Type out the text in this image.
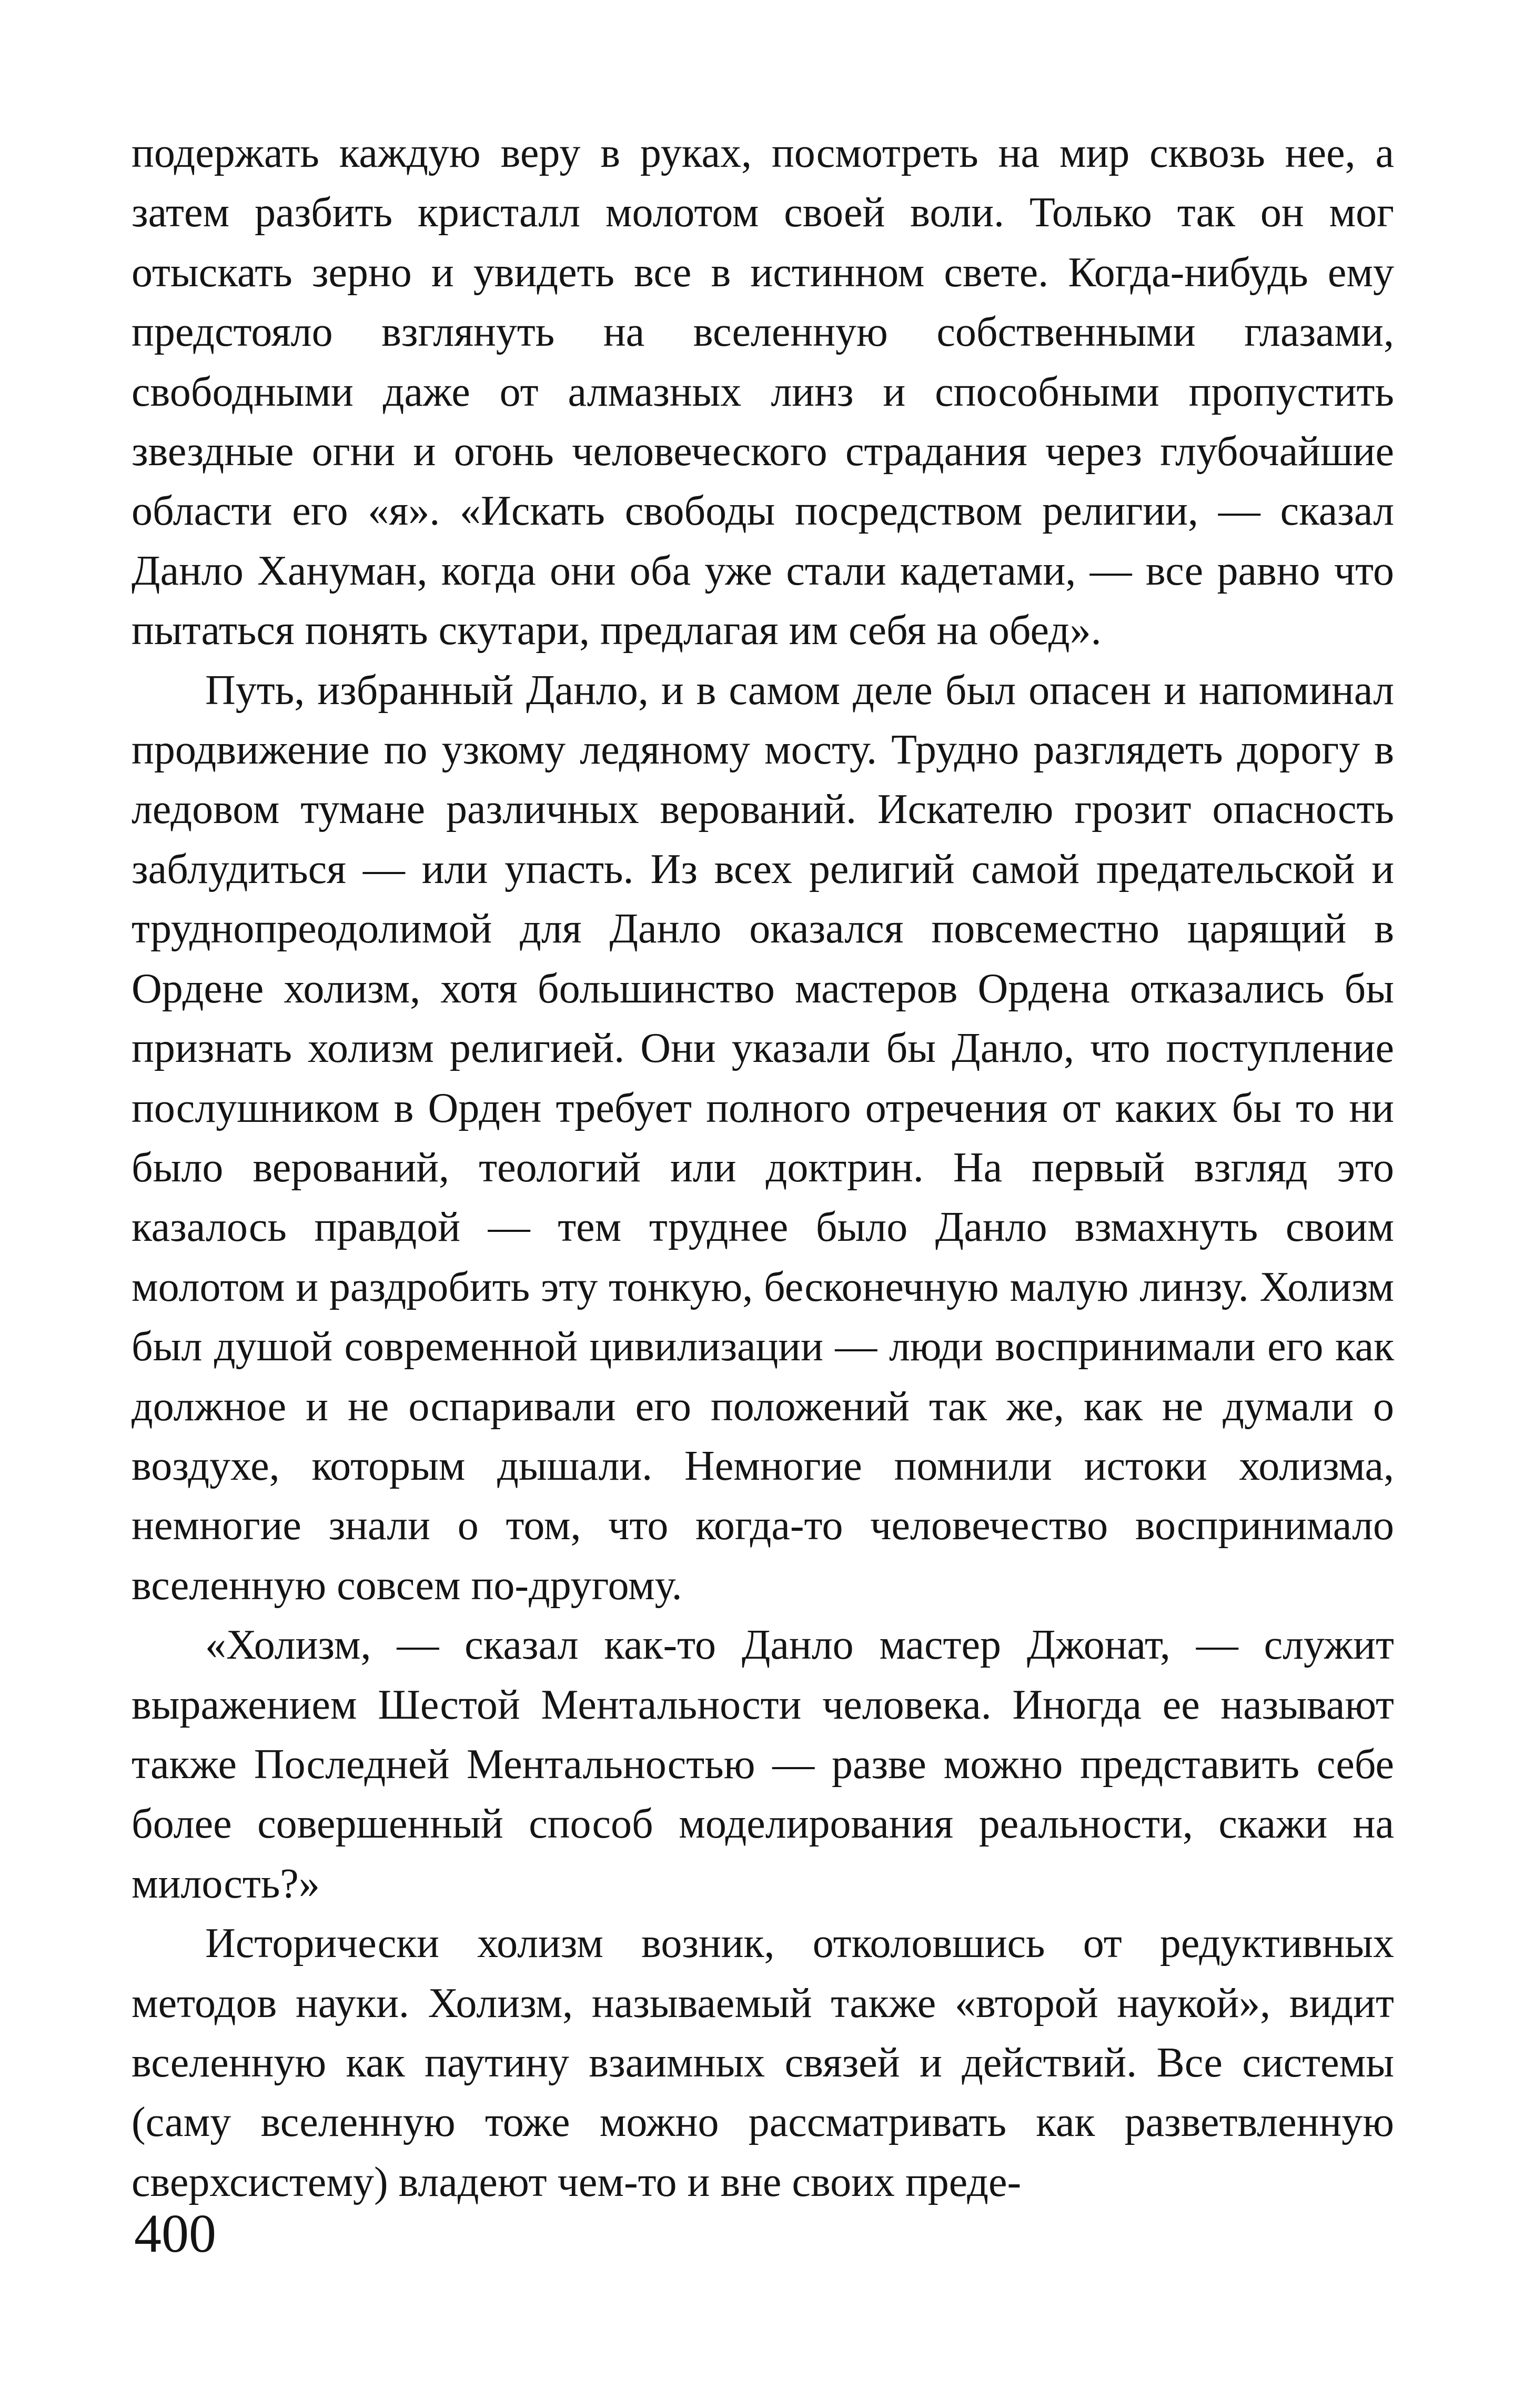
подержать каждую веру в руках, посмотреть на мир сквозь нее, а затем разбить кристалл молотом своей воли. Только так он мог отыскать зерно и увидеть все в истинном свете. Когда-нибудь ему предстояло взглянуть на вселенную собственными глазами, свободными даже от алмазных линз и способными пропустить звездные огни и огонь человеческого страдания через глубочайшие области его «я». «Искать свободы посредством религии, — сказал Данло Хануман, когда они оба уже стали кадетами, — все равно что пытаться понять скутари, предлагая им себя на обед».

Путь, избранный Данло, и в самом деле был опасен и напоминал продвижение по узкому ледяному мосту. Трудно разглядеть дорогу в ледовом тумане различных верований. Искателю грозит опасность заблудиться — или упасть. Из всех религий самой предательской и труднопреодолимой для Данло оказался повсеместно царящий в Ордене холизм, хотя большинство мастеров Ордена отказались бы признать холизм религией. Они указали бы Данло, что поступление послушником в Орден требует полного отречения от каких бы то ни было верований, теологий или доктрин. На первый взгляд это казалось правдой — тем труднее было Данло взмахнуть своим молотом и раздробить эту тонкую, бесконечную малую линзу. Холизм был душой современной цивилизации — люди воспринимали его как должное и не оспаривали его положений так же, как не думали о воздухе, которым дышали. Немногие помнили истоки холизма, немногие знали о том, что когда-то человечество воспринимало вселенную совсем по-другому.

«Холизм, — сказал как-то Данло мастер Джонат, — служит выражением Шестой Ментальности человека. Иногда ее называют также Последней Ментальностью — разве можно представить себе более совершенный способ моделирования реальности, скажи на милость?»

Исторически холизм возник, отколовшись от редуктивных методов науки. Холизм, называемый также «второй наукой», видит вселенную как паутину взаимных связей и действий. Все системы (саму вселенную тоже можно рассматривать как разветвленную сверхсистему) владеют чем-то и вне своих преде-

400
